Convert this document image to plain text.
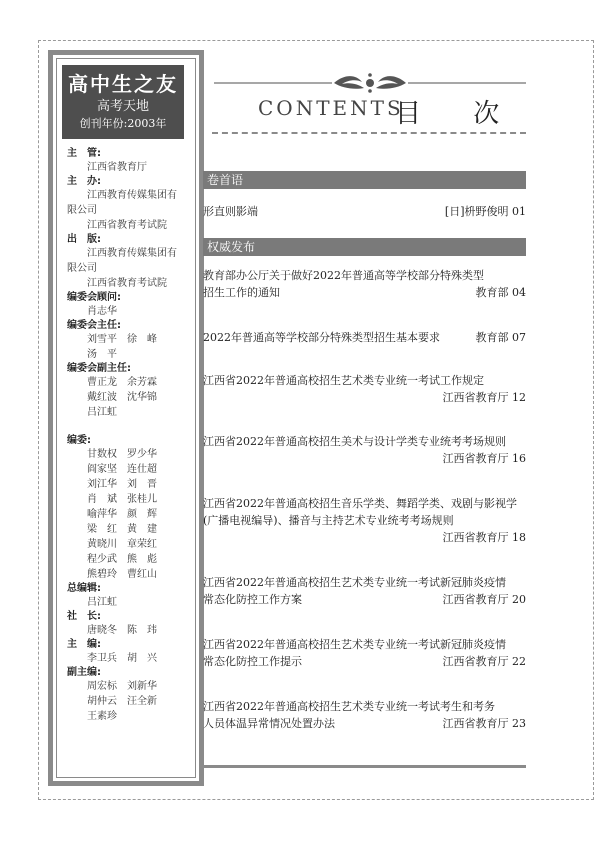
高中生之友
高考天地
创刊年份:2003年
主　管:
江西省教育厅
主　办:
江西教育传媒集团有
限公司
江西省教育考试院
出　版:
江西教育传媒集团有
限公司
江西省教育考试院
编委会顾问:
肖志华
编委会主任:
刘雪平　徐　峰
汤　平
编委会副主任:
曹正龙　余芳霖
戴红波　沈华锦
吕江虹
编委:
甘数权　罗少华
阎家坚　连仕超
刘江华　刘　晋
肖　斌　张桂儿
喻萍华　颜　辉
梁　红　黄　建
黄晓川　章荣红
程少武　熊　彪
熊碧玲　曹红山
总编辑:
吕江虹
社　长:
唐晓冬　陈　玮
主　编:
李卫兵　胡　兴
副主编:
周宏标　刘新华
胡仲云　汪全新
王素珍
CONTENTS
目 次
卷首语
权威发布
形直则影端	[日]枡野俊明 01
教育部办公厅关于做好2022年普通高等学校部分特殊类型
招生工作的通知	教育部 04
2022年普通高等学校部分特殊类型招生基本要求	教育部 07
江西省2022年普通高校招生艺术类专业统一考试工作规定
江西省教育厅 12
江西省2022年普通高校招生美术与设计学类专业统考考场规则
江西省教育厅 16
江西省2022年普通高校招生音乐学类、舞蹈学类、戏剧与影视学
(广播电视编导)、播音与主持艺术专业统考考场规则
江西省教育厅 18
江西省2022年普通高校招生艺术类专业统一考试新冠肺炎疫情
常态化防控工作方案	江西省教育厅 20
江西省2022年普通高校招生艺术类专业统一考试新冠肺炎疫情
常态化防控工作提示	江西省教育厅 22
江西省2022年普通高校招生艺术类专业统一考试考生和考务
人员体温异常情况处置办法	江西省教育厅 23
